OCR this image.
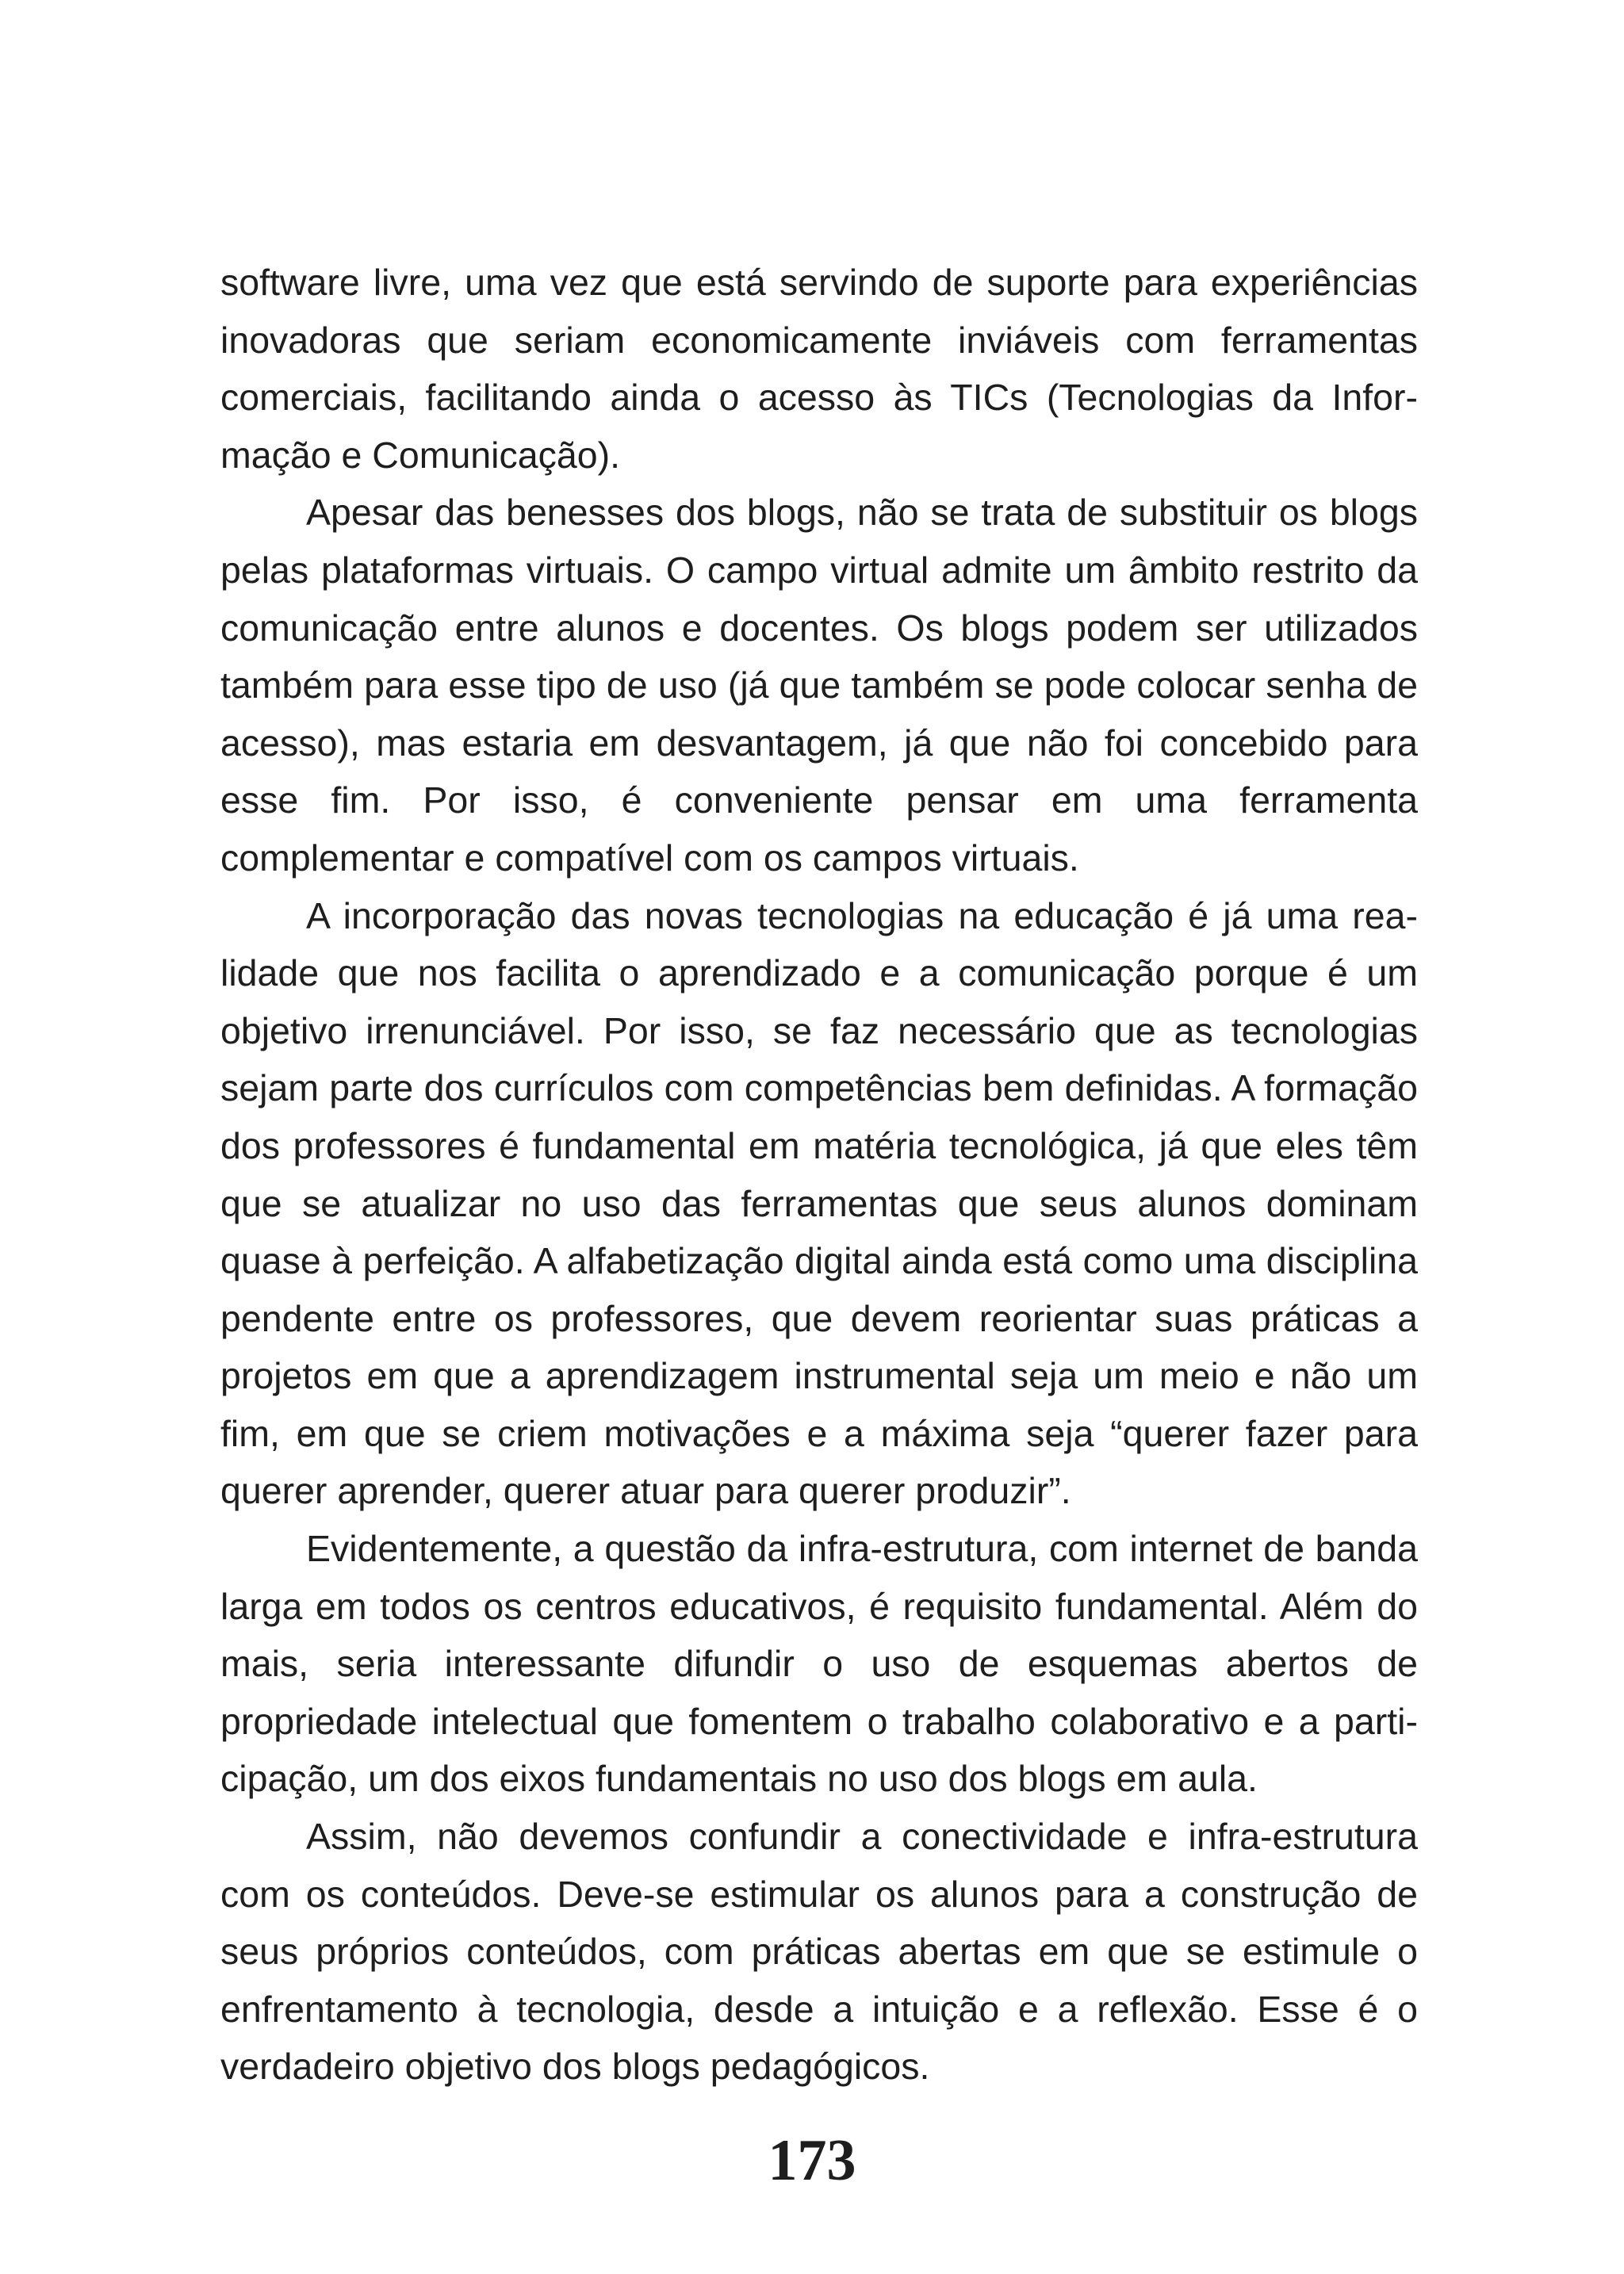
software livre, uma vez que está servindo de suporte para experiências inovadoras que seriam economicamente inviáveis com ferramentas comerciais, facilitando ainda o acesso às TICs (Tecnologias da Informação e Comunicação).

Apesar das benesses dos blogs, não se trata de substituir os blogs pelas plataformas virtuais. O campo virtual admite um âmbito restrito da comunicação entre alunos e docentes. Os blogs podem ser utilizados também para esse tipo de uso (já que também se pode colocar senha de acesso), mas estaria em desvantagem, já que não foi concebido para esse fim. Por isso, é conveniente pensar em uma ferramenta complementar e compatível com os campos virtuais.

A incorporação das novas tecnologias na educação é já uma realidade que nos facilita o aprendizado e a comunicação porque é um objetivo irrenunciável. Por isso, se faz necessário que as tecnologias sejam parte dos currículos com competências bem definidas. A formação dos professores é fundamental em matéria tecnológica, já que eles têm que se atualizar no uso das ferramentas que seus alunos dominam quase à perfeição. A alfabetização digital ainda está como uma disciplina pendente entre os professores, que devem reorientar suas práticas a projetos em que a aprendizagem instrumental seja um meio e não um fim, em que se criem motivações e a máxima seja “querer fazer para querer aprender, querer atuar para querer produzir”.

Evidentemente, a questão da infra-estrutura, com internet de banda larga em todos os centros educativos, é requisito fundamental. Além do mais, seria interessante difundir o uso de esquemas abertos de propriedade intelectual que fomentem o trabalho colaborativo e a participação, um dos eixos fundamentais no uso dos blogs em aula.

Assim, não devemos confundir a conectividade e infra-estrutura com os conteúdos. Deve-se estimular os alunos para a construção de seus próprios conteúdos, com práticas abertas em que se estimule o enfrentamento à tecnologia, desde a intuição e a reflexão. Esse é o verdadeiro objetivo dos blogs pedagógicos.

173
